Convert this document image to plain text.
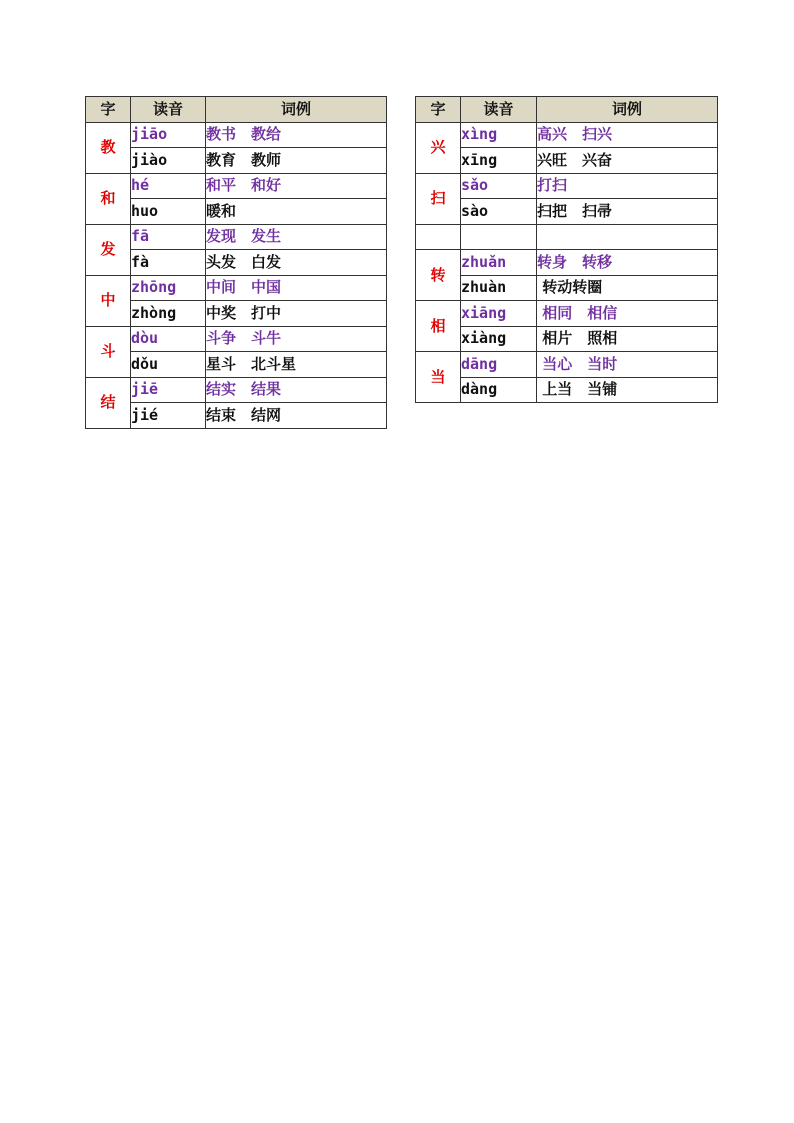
字	读音	词例
教	jiāo	教书　教给
	jiào	教育　教师
和	hé	和平　和好
	huo	暖和
发	fā	发现　发生
	fà	头发　白发
中	zhōng	中间　中国
	zhòng	中奖　打中
斗	dòu	斗争　斗牛
	dǒu	星斗　北斗星
结	jiē	结实　结果
	jié	结束　结网
字	读音	词例
兴	xìng	高兴　扫兴
	xīng	兴旺　兴奋
扫	sǎo	打扫
	sào	扫把　扫帚

转	zhuǎn	转身　转移
	zhuàn	转动转圈
相	xiāng	相同　相信
	xiàng	相片　照相
当	dāng	当心　当时
	dàng	上当　当铺
